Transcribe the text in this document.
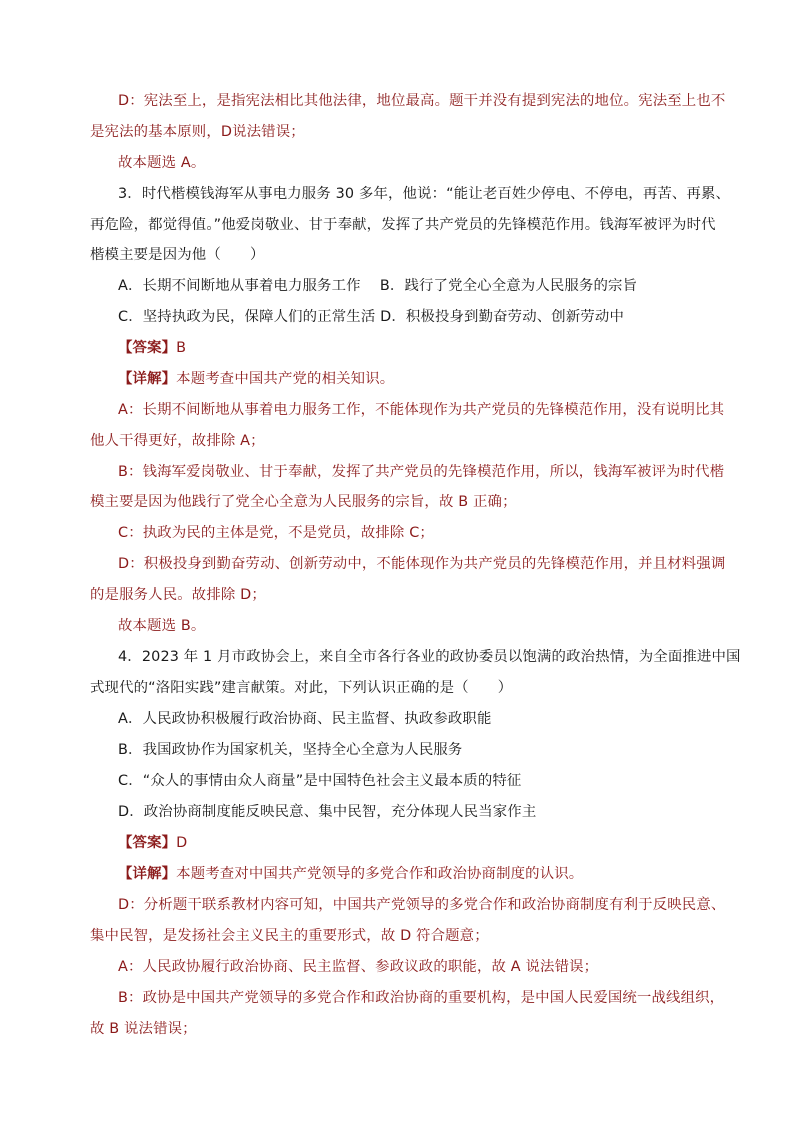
D：宪法至上，是指宪法相比其他法律，地位最高。题干并没有提到宪法的地位。宪法至上也不
是宪法的基本原则，D说法错误；
故本题选 A。
3．时代楷模钱海军从事电力服务 30 多年，他说：“能让老百姓少停电、不停电，再苦、再累、
再危险，都觉得值。”他爱岗敬业、甘于奉献，发挥了共产党员的先锋模范作用。钱海军被评为时代
楷模主要是因为他（　　）
A．长期不间断地从事着电力服务工作　 B．践行了党全心全意为人民服务的宗旨
C．坚持执政为民，保障人们的正常生活 D．积极投身到勤奋劳动、创新劳动中
【答案】B
【详解】本题考查中国共产党的相关知识。
A：长期不间断地从事着电力服务工作，不能体现作为共产党员的先锋模范作用，没有说明比其
他人干得更好，故排除 A；
B：钱海军爱岗敬业、甘于奉献，发挥了共产党员的先锋模范作用，所以，钱海军被评为时代楷
模主要是因为他践行了党全心全意为人民服务的宗旨，故 B 正确；
C：执政为民的主体是党，不是党员，故排除 C；
D：积极投身到勤奋劳动、创新劳动中，不能体现作为共产党员的先锋模范作用，并且材料强调
的是服务人民。故排除 D；
故本题选 B。
4．2023 年 1 月市政协会上，来自全市各行各业的政协委员以饱满的政治热情，为全面推进中国
式现代的“洛阳实践”建言献策。对此，下列认识正确的是（　　）
A．人民政协积极履行政治协商、民主监督、执政参政职能
B．我国政协作为国家机关，坚持全心全意为人民服务
C．“众人的事情由众人商量”是中国特色社会主义最本质的特征
D．政治协商制度能反映民意、集中民智，充分体现人民当家作主
【答案】D
【详解】本题考查对中国共产党领导的多党合作和政治协商制度的认识。
D：分析题干联系教材内容可知，中国共产党领导的多党合作和政治协商制度有利于反映民意、
集中民智，是发扬社会主义民主的重要形式，故 D 符合题意；
A：人民政协履行政治协商、民主监督、参政议政的职能，故 A 说法错误；
B：政协是中国共产党领导的多党合作和政治协商的重要机构，是中国人民爱国统一战线组织，
故 B 说法错误；
